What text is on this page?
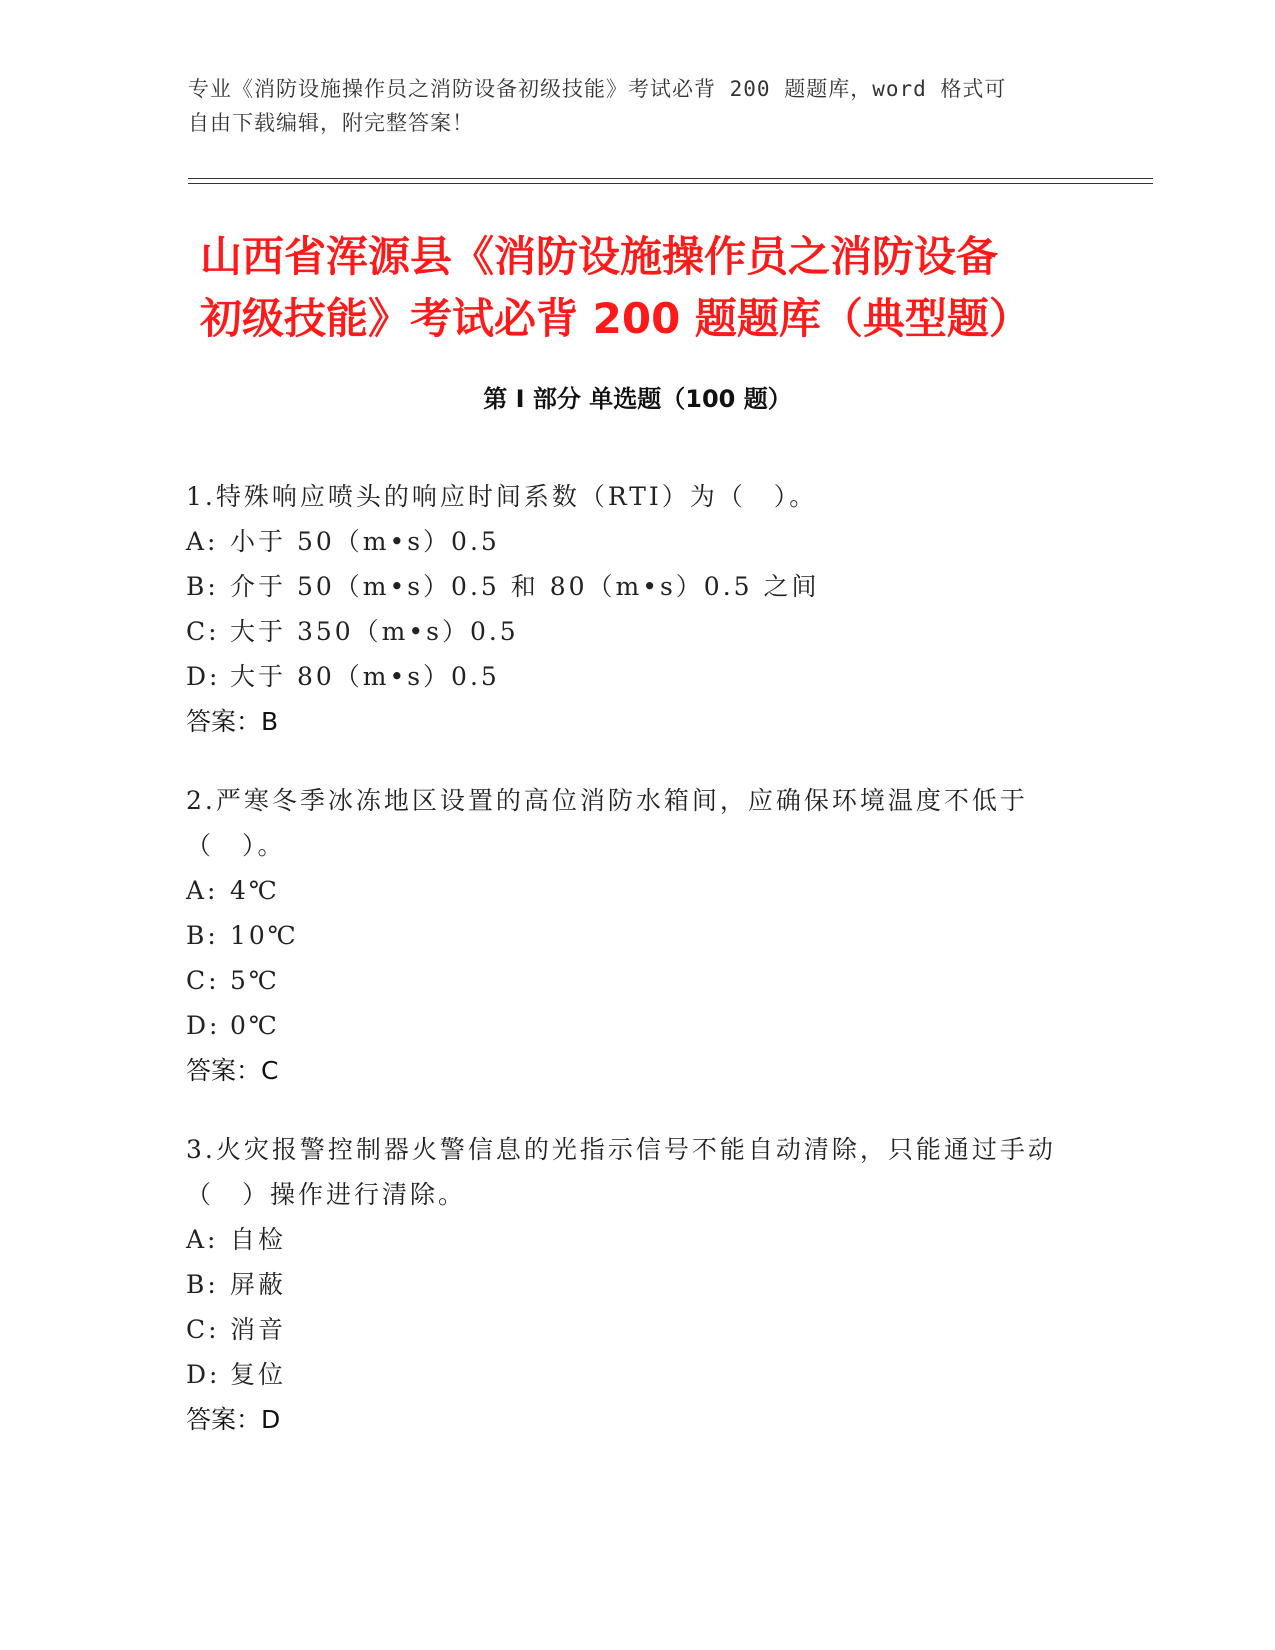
专业《消防设施操作员之消防设备初级技能》考试必背 200 题题库，word 格式可
自由下载编辑，附完整答案！
山西省浑源县《消防设施操作员之消防设备
初级技能》考试必背 200 题题库（典型题）
第 I 部分 单选题（100 题）
1.特殊响应喷头的响应时间系数（RTI）为（　）。
A: 小于 50（m•s）0.5
B: 介于 50（m•s）0.5 和 80（m•s）0.5 之间
C: 大于 350（m•s）0.5
D: 大于 80（m•s）0.5
答案：B
2.严寒冬季冰冻地区设置的高位消防水箱间，应确保环境温度不低于（　）。
A: 4℃
B: 10℃
C: 5℃
D: 0℃
答案：C
3.火灾报警控制器火警信息的光指示信号不能自动清除，只能通过手动（　）操作进行清除。
A: 自检
B: 屏蔽
C: 消音
D: 复位
答案：D
